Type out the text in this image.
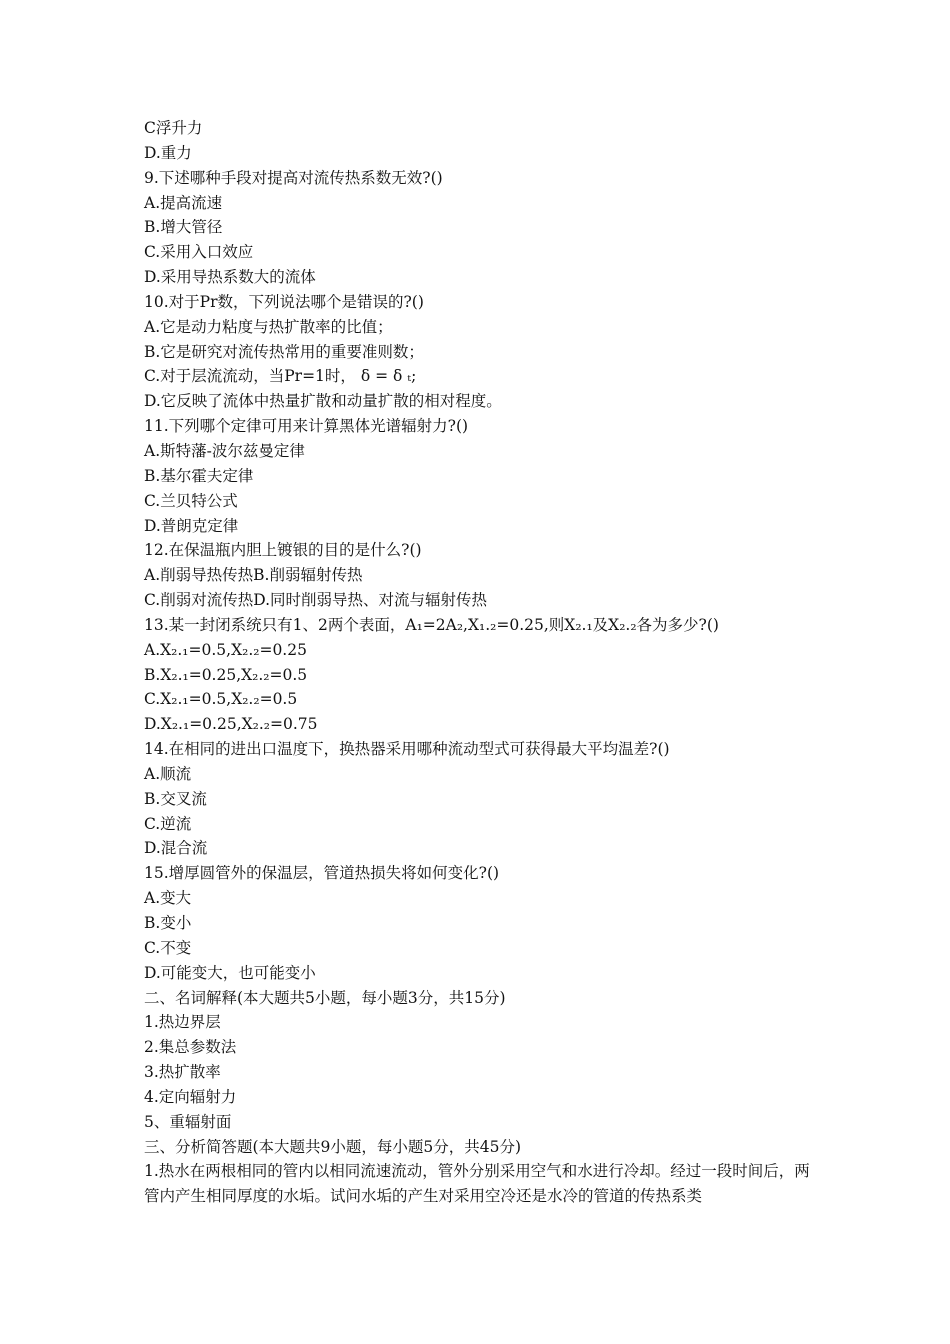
C浮升力
D.重力
9.下述哪种手段对提高对流传热系数无效?()
A.提高流速
B.增大管径
C.采用入口效应
D.采用导热系数大的流体
10.对于Pr数，下列说法哪个是错误的?()
A.它是动力粘度与热扩散率的比值；
B.它是研究对流传热常用的重要准则数；
C.对于层流流动，当Pr=1时， δ = δ ₜ;
D.它反映了流体中热量扩散和动量扩散的相对程度。
11.下列哪个定律可用来计算黑体光谱辐射力?()
A.斯特藩-波尔兹曼定律
B.基尔霍夫定律
C.兰贝特公式
D.普朗克定律
12.在保温瓶内胆上镀银的目的是什么?()
A.削弱导热传热B.削弱辐射传热
C.削弱对流传热D.同时削弱导热、对流与辐射传热
13.某一封闭系统只有1、2两个表面，A₁=2A₂,X₁.₂=0.25,则X₂.₁及X₂.₂各为多少?()
A.X₂.₁=0.5,X₂.₂=0.25
B.X₂.₁=0.25,X₂.₂=0.5
C.X₂.₁=0.5,X₂.₂=0.5
D.X₂.₁=0.25,X₂.₂=0.75
14.在相同的进出口温度下，换热器采用哪种流动型式可获得最大平均温差?()
A.顺流
B.交叉流
C.逆流
D.混合流
15.增厚圆管外的保温层，管道热损失将如何变化?()
A.变大
B.变小
C.不变
D.可能变大，也可能变小
二、名词解释(本大题共5小题，每小题3分，共15分)
1.热边界层
2.集总参数法
3.热扩散率
4.定向辐射力
5、重辐射面
三、分析简答题(本大题共9小题，每小题5分，共45分)
1.热水在两根相同的管内以相同流速流动，管外分别采用空气和水进行冷却。经过一段时间后，两管内产生相同厚度的水垢。试问水垢的产生对采用空冷还是水冷的管道的传热系类
